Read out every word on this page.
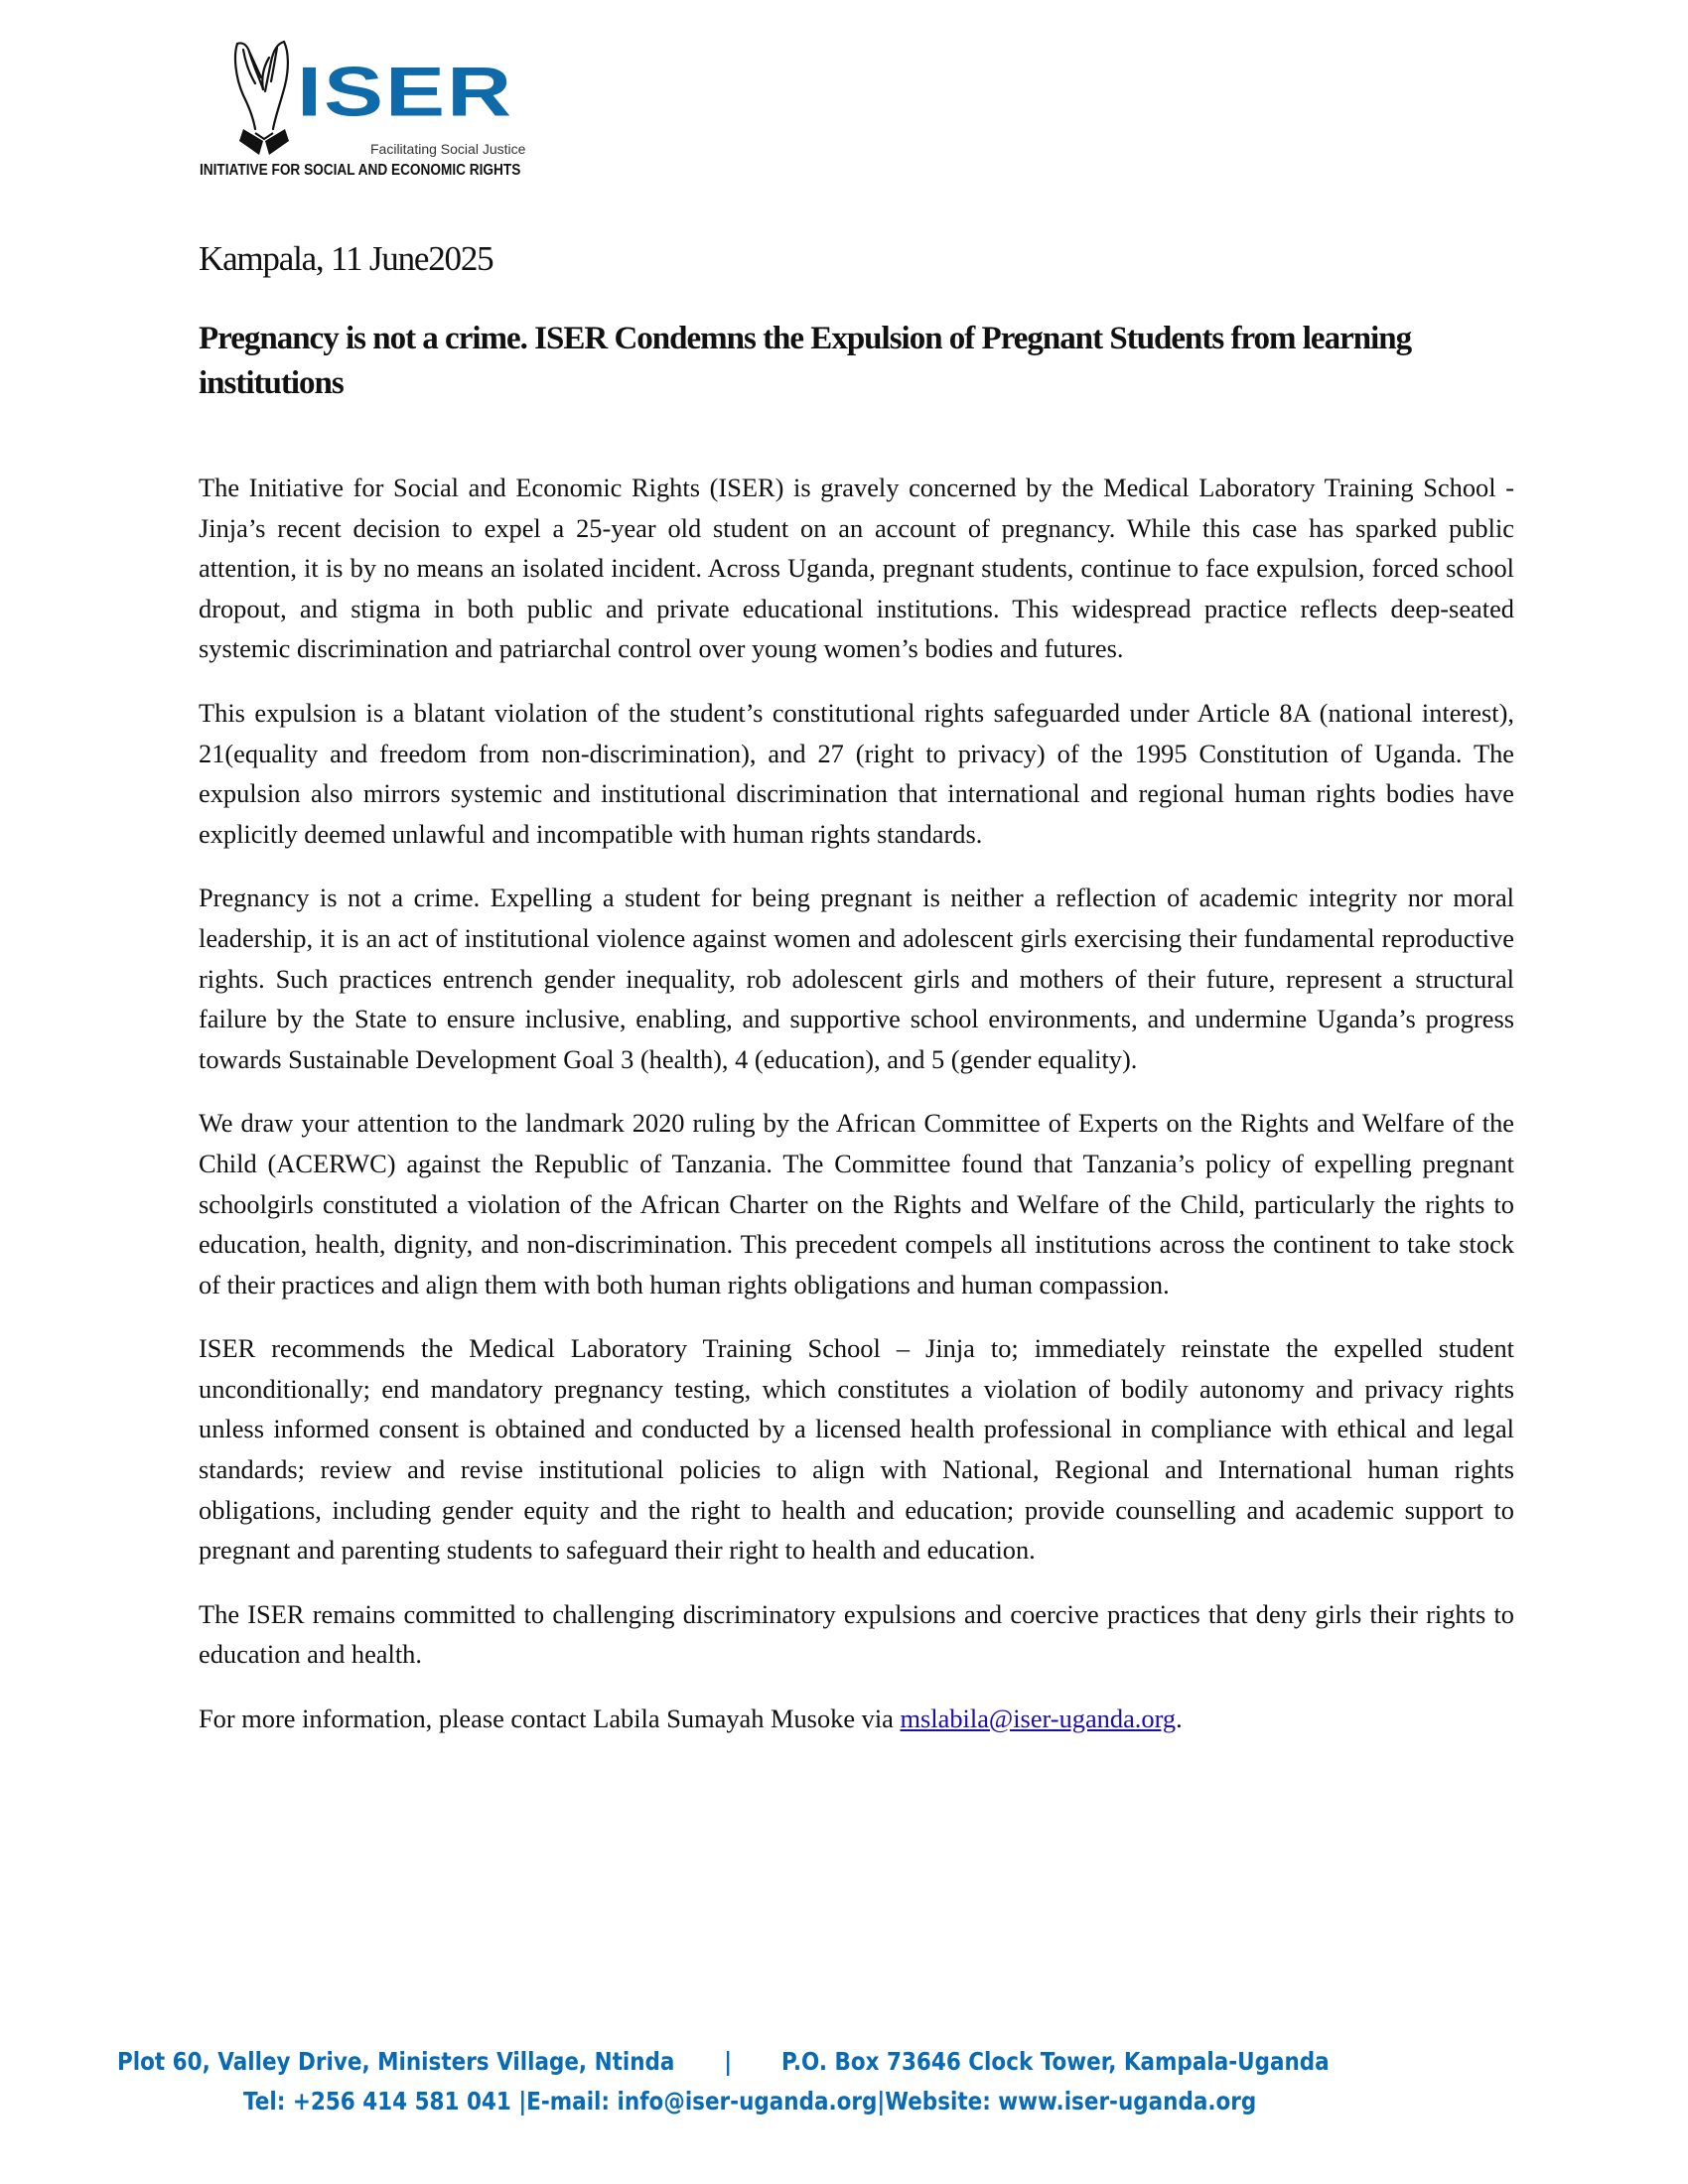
ISER
Facilitating Social Justice
INITIATIVE FOR SOCIAL AND ECONOMIC RIGHTS

Kampala, 11 June2025

Pregnancy is not a crime. ISER Condemns the Expulsion of Pregnant Students from learning institutions

The Initiative for Social and Economic Rights (ISER) is gravely concerned by the Medical Laboratory Training School - Jinja’s recent decision to expel a 25-year old student on an account of pregnancy. While this case has sparked public attention, it is by no means an isolated incident. Across Uganda, pregnant students, continue to face expulsion, forced school dropout, and stigma in both public and private educational institutions. This widespread practice reflects deep-seated systemic discrimination and patriarchal control over young women’s bodies and futures.

This expulsion is a blatant violation of the student’s constitutional rights safeguarded under Article 8A (national interest), 21(equality and freedom from non-discrimination), and 27 (right to privacy) of the 1995 Constitution of Uganda. The expulsion also mirrors systemic and institutional discrimination that international and regional human rights bodies have explicitly deemed unlawful and incompatible with human rights standards.

Pregnancy is not a crime. Expelling a student for being pregnant is neither a reflection of academic integrity nor moral leadership, it is an act of institutional violence against women and adolescent girls exercising their fundamental reproductive rights. Such practices entrench gender inequality, rob adolescent girls and mothers of their future, represent a structural failure by the State to ensure inclusive, enabling, and supportive school environments, and undermine Uganda’s progress towards Sustainable Development Goal 3 (health), 4 (education), and 5 (gender equality).

We draw your attention to the landmark 2020 ruling by the African Committee of Experts on the Rights and Welfare of the Child (ACERWC) against the Republic of Tanzania. The Committee found that Tanzania’s policy of expelling pregnant schoolgirls constituted a violation of the African Charter on the Rights and Welfare of the Child, particularly the rights to education, health, dignity, and non-discrimination. This precedent compels all institutions across the continent to take stock of their practices and align them with both human rights obligations and human compassion.

ISER recommends the Medical Laboratory Training School – Jinja to; immediately reinstate the expelled student unconditionally; end mandatory pregnancy testing, which constitutes a violation of bodily autonomy and privacy rights unless informed consent is obtained and conducted by a licensed health professional in compliance with ethical and legal standards; review and revise institutional policies to align with National, Regional and International human rights obligations, including gender equity and the right to health and education; provide counselling and academic support to pregnant and parenting students to safeguard their right to health and education.

The ISER remains committed to challenging discriminatory expulsions and coercive practices that deny girls their rights to education and health.

For more information, please contact Labila Sumayah Musoke via mslabila@iser-uganda.org.

Plot 60, Valley Drive, Ministers Village, Ntinda | P.O. Box 73646 Clock Tower, Kampala-Uganda
Tel: +256 414 581 041 |E-mail: info@iser-uganda.org|Website: www.iser-uganda.org
